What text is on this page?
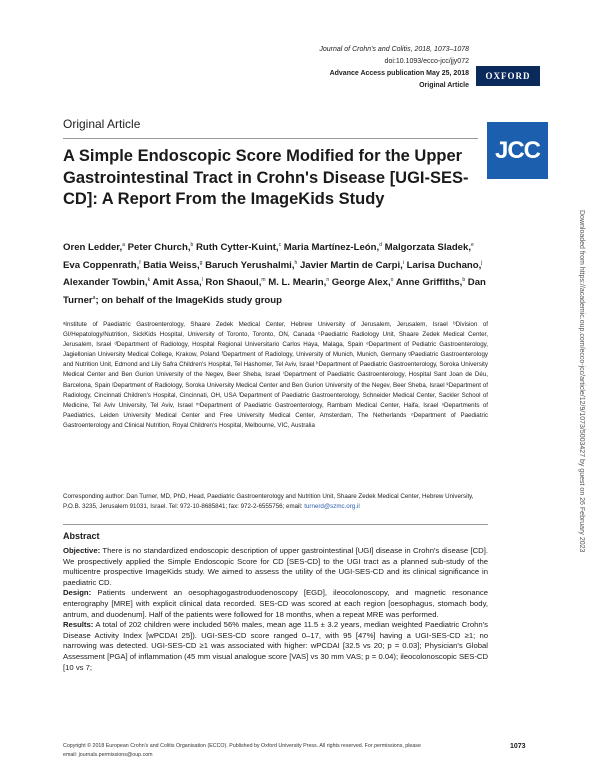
Journal of Crohn's and Colitis, 2018, 1073–1078
doi:10.1093/ecco-jcc/jjy072
Advance Access publication May 25, 2018
Original Article
OXFORD
JCC
Original Article
A Simple Endoscopic Score Modified for the Upper Gastrointestinal Tract in Crohn's Disease [UGI-SES-CD]: A Report From the ImageKids Study
Oren Ledder,$^a$ Peter Church,$^b$ Ruth Cytter-Kuint,$^c$ Maria Martínez-León,$^d$ Malgorzata Sladek,$^e$ Eva Coppenrath,$^f$ Batia Weiss,$^g$ Baruch Yerushalmi,$^h$ Javier Martin de Carpi,$^i$ Larisa Duchano,$^j$ Alexander Towbin,$^k$ Amit Assa,$^l$ Ron Shaoul,$^m$ M. L. Mearin,$^n$ George Alex,$^o$ Anne Griffiths,$^b$ Dan Turner$^a$; on behalf of the ImageKids study group
ᵃInstitute of Paediatric Gastroenterology, Shaare Zedek Medical Center, Hebrew University of Jerusalem, Jerusalem, Israel ᵇDivision of GI/Hepatology/Nutrition, SickKids Hospital, University of Toronto, Toronto, ON, Canada ᶜPaediatric Radiology Unit, Shaare Zedek Medical Center, Jerusalem, Israel ᵈDepartment of Radiology, Hospital Regional Universitario Carlos Haya, Malaga, Spain ᵉDepartment of Pediatric Gastroenterology, Jagiellonian University Medical College, Krakow, Poland ᶠDepartment of Radiology, University of Munich, Munich, Germany ᵍPaediatric Gastroenterology and Nutrition Unit, Edmond and Lily Safra Children's Hospital, Tel Hashomer, Tel Aviv, Israel ʰDepartment of Paediatric Gastroenterology, Soroka University Medical Center and Ben Gurion University of the Negev, Beer Sheba, Israel ⁱDepartment of Paediatric Gastroenterology, Hospital Sant Joan de Déu, Barcelona, Spain ʲDepartment of Radiology, Soroka University Medical Center and Ben Gurion University of the Negev, Beer Sheba, Israel ᵏDepartment of Radiology, Cincinnati Children's Hospital, Cincinnati, OH, USA ˡDepartment of Paediatric Gastroenterology, Schneider Medical Center, Sackler School of Medicine, Tel Aviv University, Tel Aviv, Israel ᵐDepartment of Paediatric Gastroenterology, Rambam Medical Center, Haifa, Israel ⁿDepartments of Paediatrics, Leiden University Medical Center and Free University Medical Center, Amsterdam, The Netherlands ᵒDepartment of Paediatric Gastroenterology and Clinical Nutrition, Royal Children's Hospital, Melbourne, VIC, Australia
Corresponding author: Dan Turner, MD, PhD, Head, Paediatric Gastroenterology and Nutrition Unit, Shaare Zedek Medical Center, Hebrew University, P.O.B. 3235, Jerusalem 91031, Israel. Tel: 972-10-8685841; fax: 972-2-6555756; email: turnerd@szmc.org.il
Abstract

Objective: There is no standardized endoscopic description of upper gastrointestinal [UGI] disease in Crohn's disease [CD]. We prospectively applied the Simple Endoscopic Score for CD [SES-CD] to the UGI tract as a planned sub-study of the multicentre prospective ImageKids study. We aimed to assess the utility of the UGI-SES-CD and its clinical significance in paediatric CD.

Design: Patients underwent an oesophagogastroduodenoscopy [EGD], ileocolonoscopy, and magnetic resonance enterography [MRE] with explicit clinical data recorded. SES-CD was scored at each region [oesophagus, stomach body, antrum, and duodenum]. Half of the patients were followed for 18 months, when a repeat MRE was performed.

Results: A total of 202 children were included 56% males, mean age 11.5 ± 3.2 years, median weighted Paediatric Crohn's Disease Activity Index [wPCDAI 25]). UGI-SES-CD score ranged 0–17, with 95 [47%] having a UGI-SES-CD ≥1; no narrowing was detected. UGI-SES-CD ≥1 was associated with higher: wPCDAI [32.5 vs 20; p = 0.03]; Physician's Global Assessment [PGA] of inflammation (45 mm visual analogue score [VAS] vs 30 mm VAS; p = 0.04); ileocolonoscopic SES-CD [10 vs 7;

Copyright © 2018 European Crohn's and Colitis Organisation (ECCO). Published by Oxford University Press. All rights reserved. For permissions, please email: journals.permissions@oup.com
1073
Downloaded from https://academic.oup.com/ecco-jcc/article/12/9/1073/5003427 by guest on 26 February 2023
